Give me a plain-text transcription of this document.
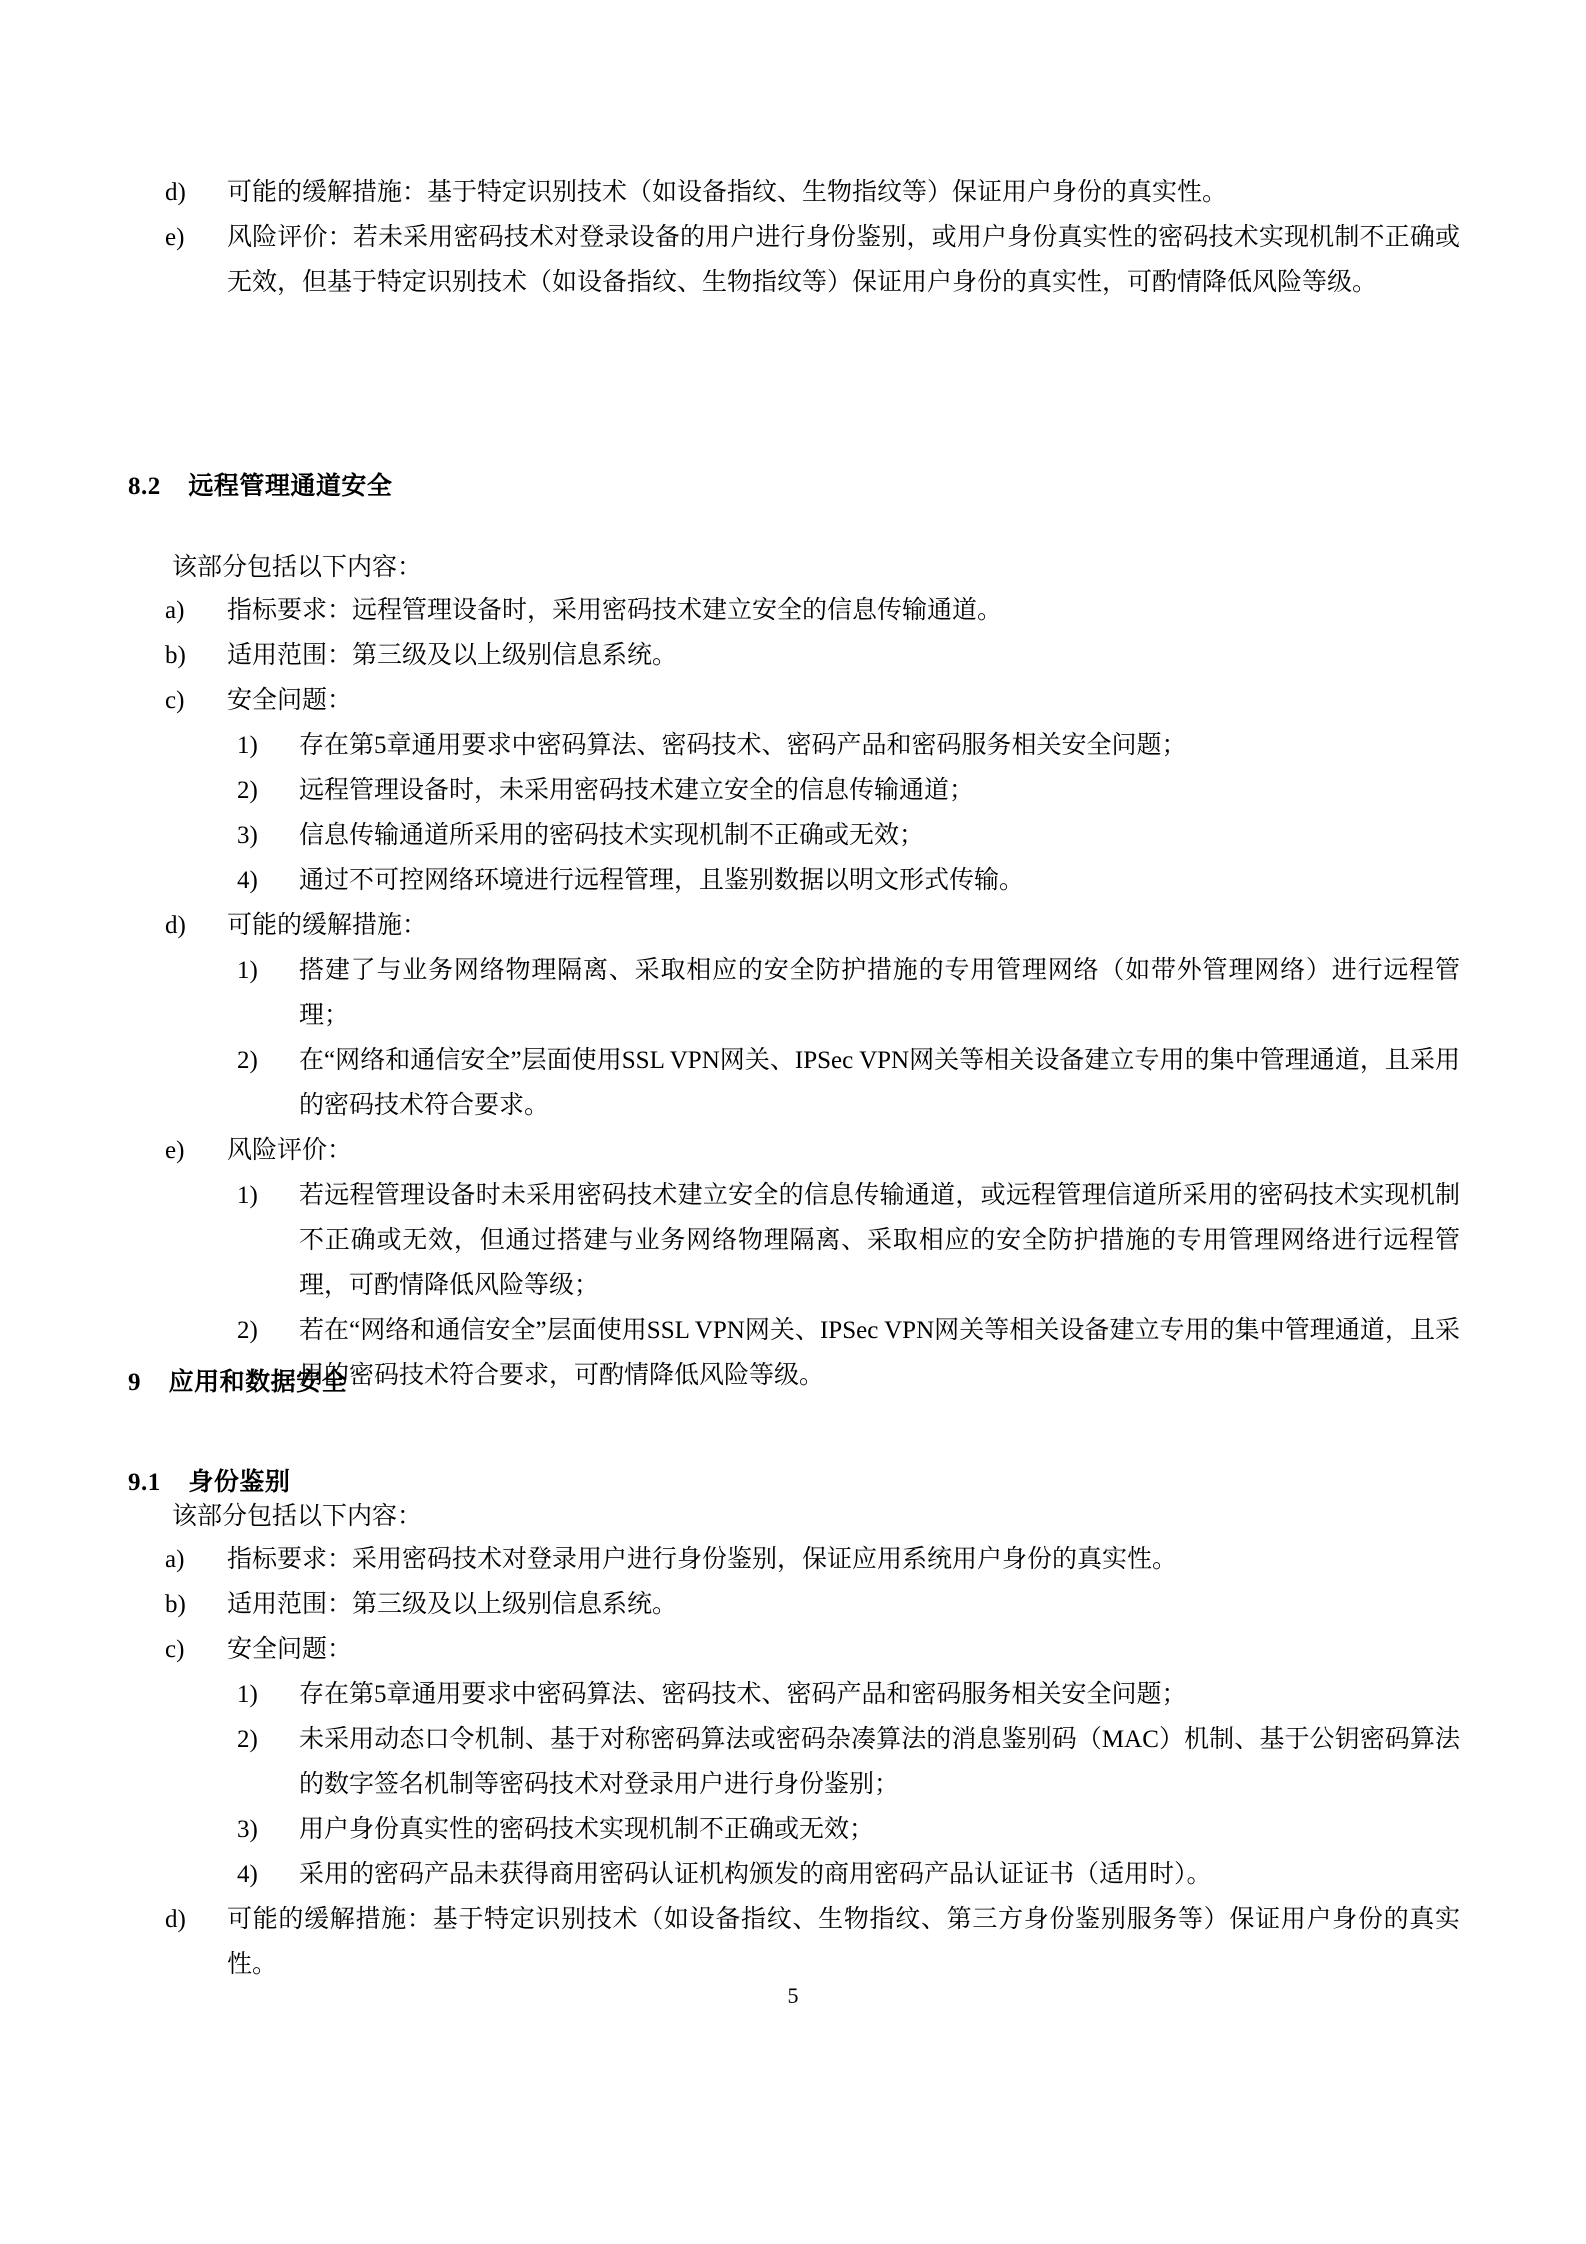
d)	可能的缓解措施：基于特定识别技术（如设备指纹、生物指纹等）保证用户身份的真实性。
e)	风险评价：若未采用密码技术对登录设备的用户进行身份鉴别，或用户身份真实性的密码技术实现机制不正确或无效，但基于特定识别技术（如设备指纹、生物指纹等）保证用户身份的真实性，可酌情降低风险等级。
8.2 远程管理通道安全
该部分包括以下内容：
a)	指标要求：远程管理设备时，采用密码技术建立安全的信息传输通道。
b)	适用范围：第三级及以上级别信息系统。
c)	安全问题：
1)	存在第5章通用要求中密码算法、密码技术、密码产品和密码服务相关安全问题；
2)	远程管理设备时，未采用密码技术建立安全的信息传输通道；
3)	信息传输通道所采用的密码技术实现机制不正确或无效；
4)	通过不可控网络环境进行远程管理，且鉴别数据以明文形式传输。
d)	可能的缓解措施：
1)	搭建了与业务网络物理隔离、采取相应的安全防护措施的专用管理网络（如带外管理网络）进行远程管理；
2)	在“网络和通信安全”层面使用SSL VPN网关、IPSec VPN网关等相关设备建立专用的集中管理通道，且采用的密码技术符合要求。
e)	风险评价：
1)	若远程管理设备时未采用密码技术建立安全的信息传输通道，或远程管理信道所采用的密码技术实现机制不正确或无效，但通过搭建与业务网络物理隔离、采取相应的安全防护措施的专用管理网络进行远程管理，可酌情降低风险等级；
2)	若在“网络和通信安全”层面使用SSL VPN网关、IPSec VPN网关等相关设备建立专用的集中管理通道，且采用的密码技术符合要求，可酌情降低风险等级。
9 应用和数据安全
9.1 身份鉴别
该部分包括以下内容：
a)	指标要求：采用密码技术对登录用户进行身份鉴别，保证应用系统用户身份的真实性。
b)	适用范围：第三级及以上级别信息系统。
c)	安全问题：
1)	存在第5章通用要求中密码算法、密码技术、密码产品和密码服务相关安全问题；
2)	未采用动态口令机制、基于对称密码算法或密码杂凑算法的消息鉴别码（MAC）机制、基于公钥密码算法的数字签名机制等密码技术对登录用户进行身份鉴别；
3)	用户身份真实性的密码技术实现机制不正确或无效；
4)	采用的密码产品未获得商用密码认证机构颁发的商用密码产品认证证书（适用时）。
d)	可能的缓解措施：基于特定识别技术（如设备指纹、生物指纹、第三方身份鉴别服务等）保证用户身份的真实性。
5
